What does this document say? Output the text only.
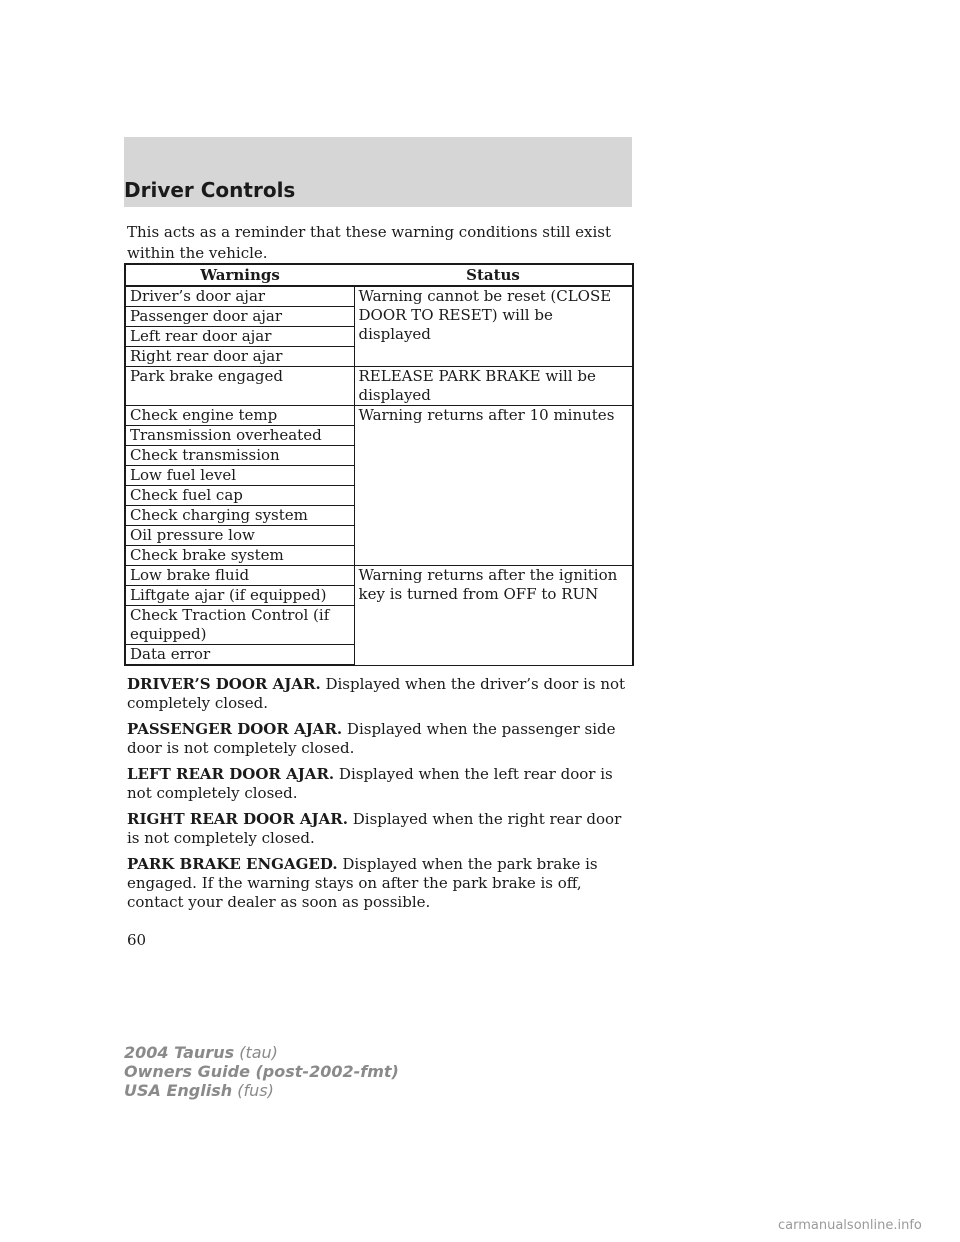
Driver Controls
This acts as a reminder that these warning conditions still exist within the vehicle.
Warnings	Status
Driver’s door ajar	Warning cannot be reset (CLOSE DOOR TO RESET) will be displayed
Passenger door ajar	
Left rear door ajar	
Right rear door ajar	
Park brake engaged	RELEASE PARK BRAKE will be displayed
Check engine temp	Warning returns after 10 minutes
Transmission overheated	
Check transmission	
Low fuel level	
Check fuel cap	
Check charging system	
Oil pressure low	
Check brake system	
Low brake fluid	Warning returns after the ignition key is turned from OFF to RUN
Liftgate ajar (if equipped)	
Check Traction Control (if equipped)	
Data error	

DRIVER’S DOOR AJAR. Displayed when the driver’s door is not completely closed.

PASSENGER DOOR AJAR. Displayed when the passenger side door is not completely closed.

LEFT REAR DOOR AJAR. Displayed when the left rear door is not completely closed.

RIGHT REAR DOOR AJAR. Displayed when the right rear door is not completely closed.

PARK BRAKE ENGAGED. Displayed when the park brake is engaged. If the warning stays on after the park brake is off, contact your dealer as soon as possible.

60
2004 Taurus (tau)
Owners Guide (post-2002-fmt)
USA English (fus)
carmanualsonline.info
